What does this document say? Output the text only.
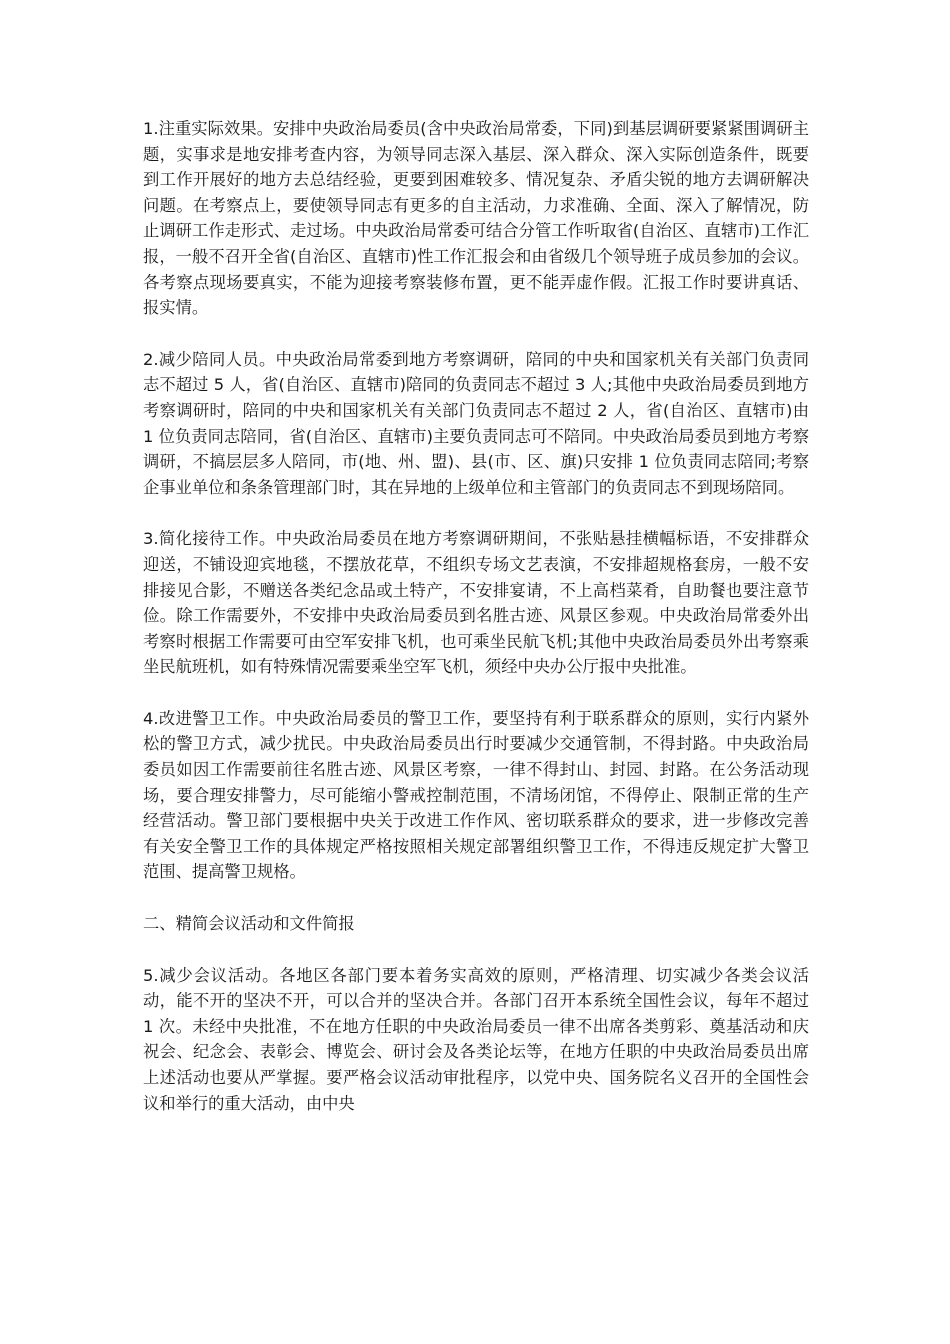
1.注重实际效果。安排中央政治局委员(含中央政治局常委，下同)到基层调研要紧紧围调研主题，实事求是地安排考查内容，为领导同志深入基层、深入群众、深入实际创造条件，既要到工作开展好的地方去总结经验，更要到困难较多、情况复杂、矛盾尖锐的地方去调研解决问题。在考察点上，要使领导同志有更多的自主活动，力求准确、全面、深入了解情况，防止调研工作走形式、走过场。中央政治局常委可结合分管工作听取省(自治区、直辖市)工作汇报，一般不召开全省(自治区、直辖市)性工作汇报会和由省级几个领导班子成员参加的会议。各考察点现场要真实，不能为迎接考察装修布置，更不能弄虚作假。汇报工作时要讲真话、报实情。

2.减少陪同人员。中央政治局常委到地方考察调研，陪同的中央和国家机关有关部门负责同志不超过 5 人，省(自治区、直辖市)陪同的负责同志不超过 3 人;其他中央政治局委员到地方考察调研时，陪同的中央和国家机关有关部门负责同志不超过 2 人，省(自治区、直辖市)由 1 位负责同志陪同，省(自治区、直辖市)主要负责同志可不陪同。中央政治局委员到地方考察调研，不搞层层多人陪同，市(地、州、盟)、县(市、区、旗)只安排 1 位负责同志陪同;考察企事业单位和条条管理部门时，其在异地的上级单位和主管部门的负责同志不到现场陪同。

3.简化接待工作。中央政治局委员在地方考察调研期间，不张贴悬挂横幅标语，不安排群众迎送，不铺设迎宾地毯，不摆放花草，不组织专场文艺表演，不安排超规格套房，一般不安排接见合影，不赠送各类纪念品或土特产，不安排宴请，不上高档菜肴，自助餐也要注意节俭。除工作需要外，不安排中央政治局委员到名胜古迹、风景区参观。中央政治局常委外出考察时根据工作需要可由空军安排飞机，也可乘坐民航飞机;其他中央政治局委员外出考察乘坐民航班机，如有特殊情况需要乘坐空军飞机，须经中央办公厅报中央批准。

4.改进警卫工作。中央政治局委员的警卫工作，要坚持有利于联系群众的原则，实行内紧外松的警卫方式，减少扰民。中央政治局委员出行时要减少交通管制，不得封路。中央政治局委员如因工作需要前往名胜古迹、风景区考察，一律不得封山、封园、封路。在公务活动现场，要合理安排警力，尽可能缩小警戒控制范围，不清场闭馆，不得停止、限制正常的生产经营活动。警卫部门要根据中央关于改进工作作风、密切联系群众的要求，进一步修改完善有关安全警卫工作的具体规定严格按照相关规定部署组织警卫工作，不得违反规定扩大警卫范围、提高警卫规格。

二、精简会议活动和文件简报

5.减少会议活动。各地区各部门要本着务实高效的原则，严格清理、切实减少各类会议活动，能不开的坚决不开，可以合并的坚决合并。各部门召开本系统全国性会议，每年不超过 1 次。未经中央批准，不在地方任职的中央政治局委员一律不出席各类剪彩、奠基活动和庆祝会、纪念会、表彰会、博览会、研讨会及各类论坛等，在地方任职的中央政治局委员出席上述活动也要从严掌握。要严格会议活动审批程序，以党中央、国务院名义召开的全国性会议和举行的重大活动，由中央
